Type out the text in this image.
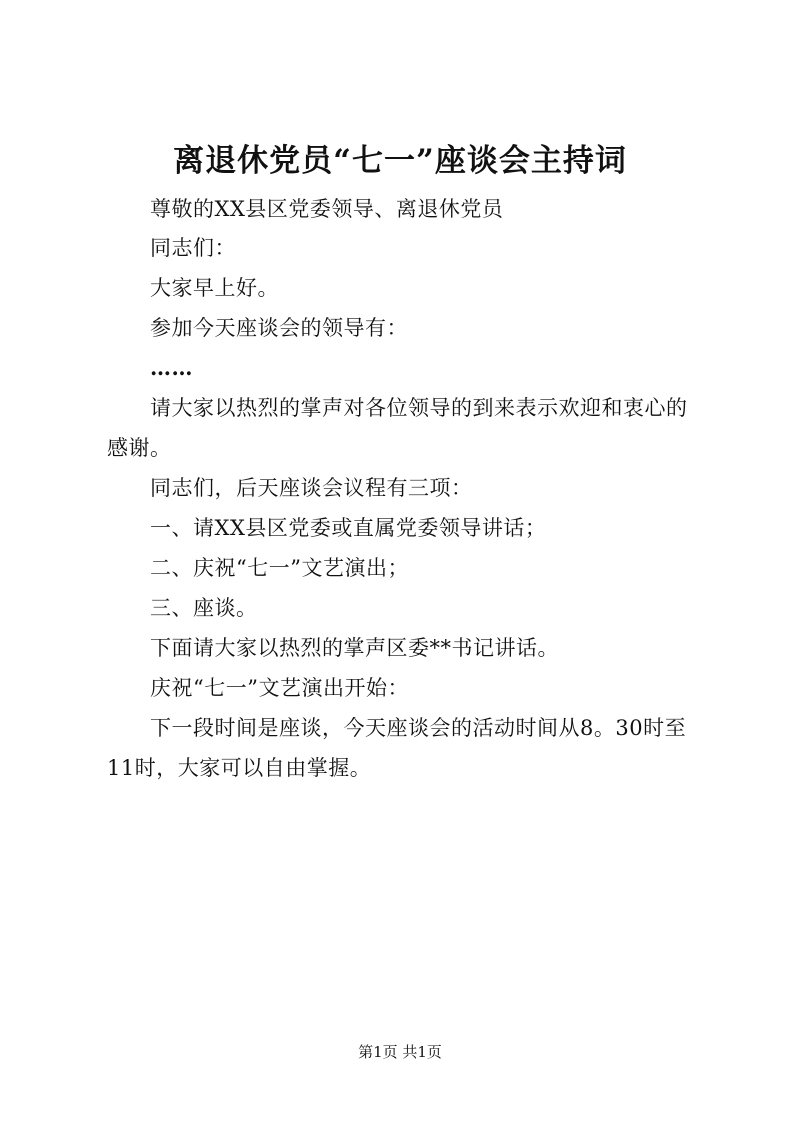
离退休党员“七一”座谈会主持词
尊敬的XX县区党委领导、离退休党员
同志们：
大家早上好。
参加今天座谈会的领导有：
……
请大家以热烈的掌声对各位领导的到来表示欢迎和衷心的感谢。
同志们，后天座谈会议程有三项：
一、请XX县区党委或直属党委领导讲话；
二、庆祝“七一”文艺演出；
三、座谈。
下面请大家以热烈的掌声区委**书记讲话。
庆祝“七一”文艺演出开始：
下一段时间是座谈，今天座谈会的活动时间从8。30时至11时，大家可以自由掌握。
第1页 共1页
